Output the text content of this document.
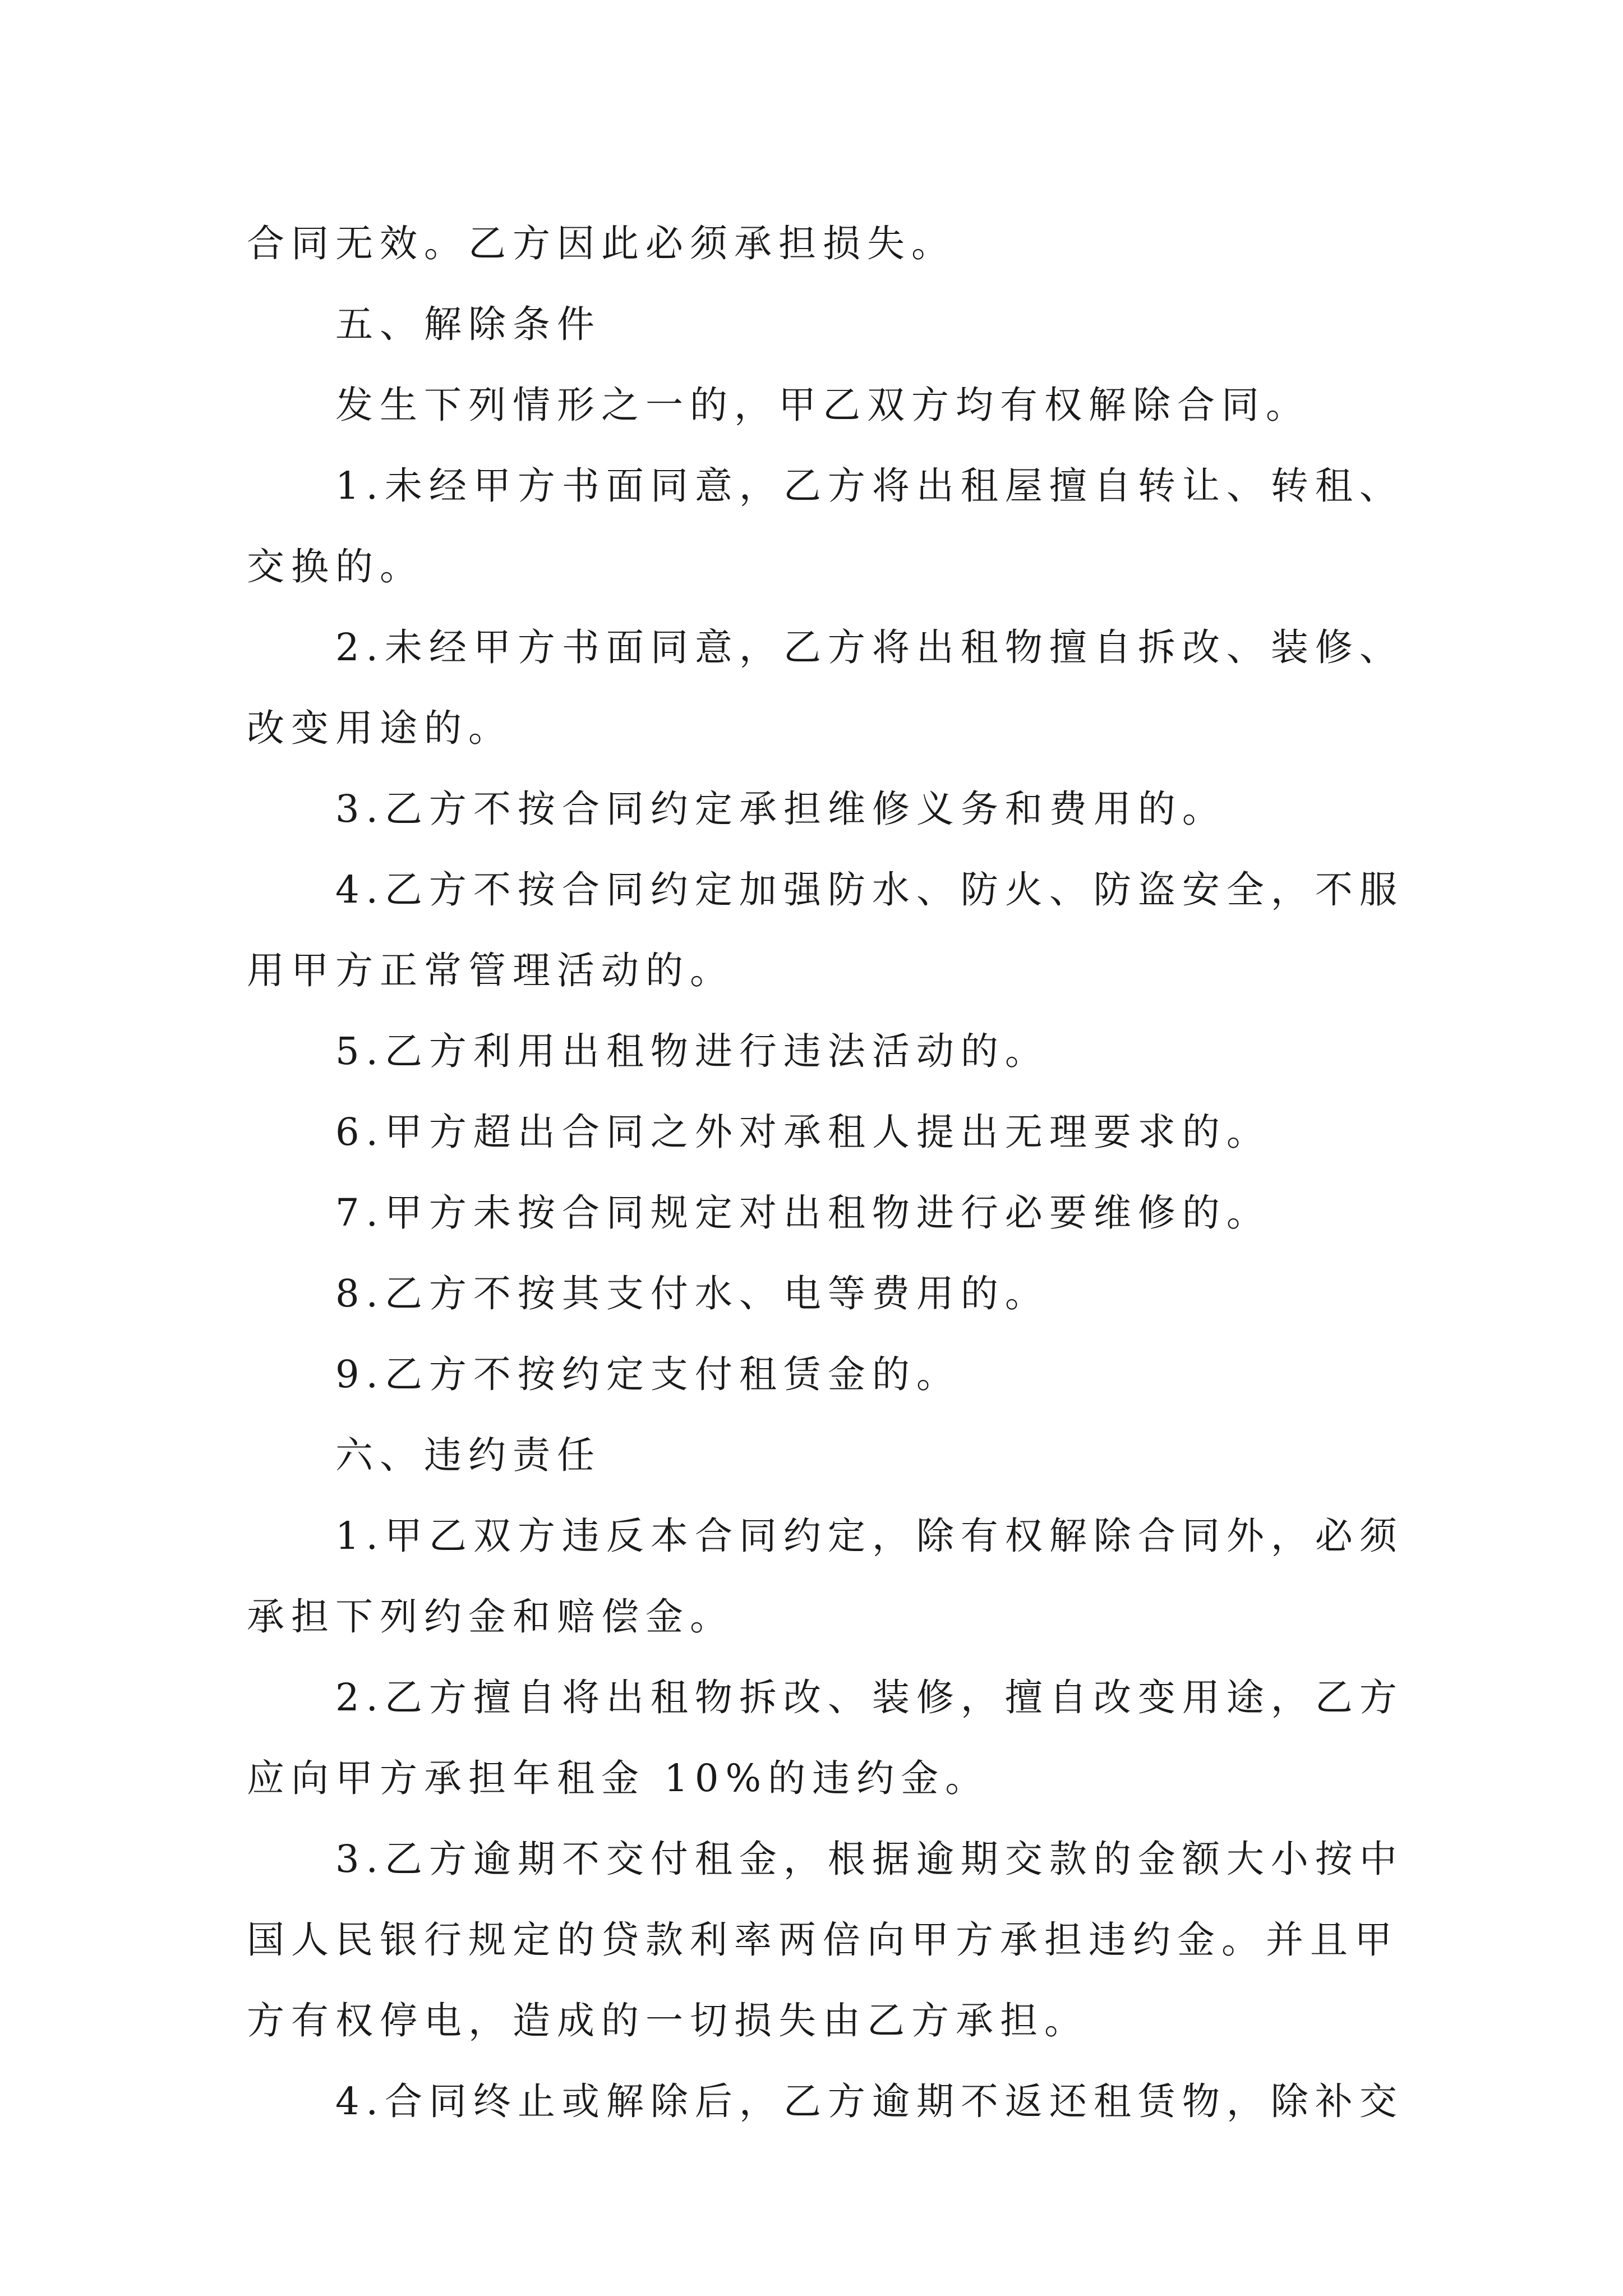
合同无效。乙方因此必须承担损失。
五、解除条件
发生下列情形之一的，甲乙双方均有权解除合同。
1.未经甲方书面同意，乙方将出租屋擅自转让、转租、
交换的。
2.未经甲方书面同意，乙方将出租物擅自拆改、装修、
改变用途的。
3.乙方不按合同约定承担维修义务和费用的。
4.乙方不按合同约定加强防水、防火、防盗安全，不服
用甲方正常管理活动的。
5.乙方利用出租物进行违法活动的。
6.甲方超出合同之外对承租人提出无理要求的。
7.甲方未按合同规定对出租物进行必要维修的。
8.乙方不按其支付水、电等费用的。
9.乙方不按约定支付租赁金的。
六、违约责任
1.甲乙双方违反本合同约定，除有权解除合同外，必须
承担下列约金和赔偿金。
2.乙方擅自将出租物拆改、装修，擅自改变用途，乙方
应向甲方承担年租金 10%的违约金。
3.乙方逾期不交付租金，根据逾期交款的金额大小按中
国人民银行规定的贷款利率两倍向甲方承担违约金。并且甲
方有权停电，造成的一切损失由乙方承担。
4.合同终止或解除后，乙方逾期不返还租赁物，除补交
